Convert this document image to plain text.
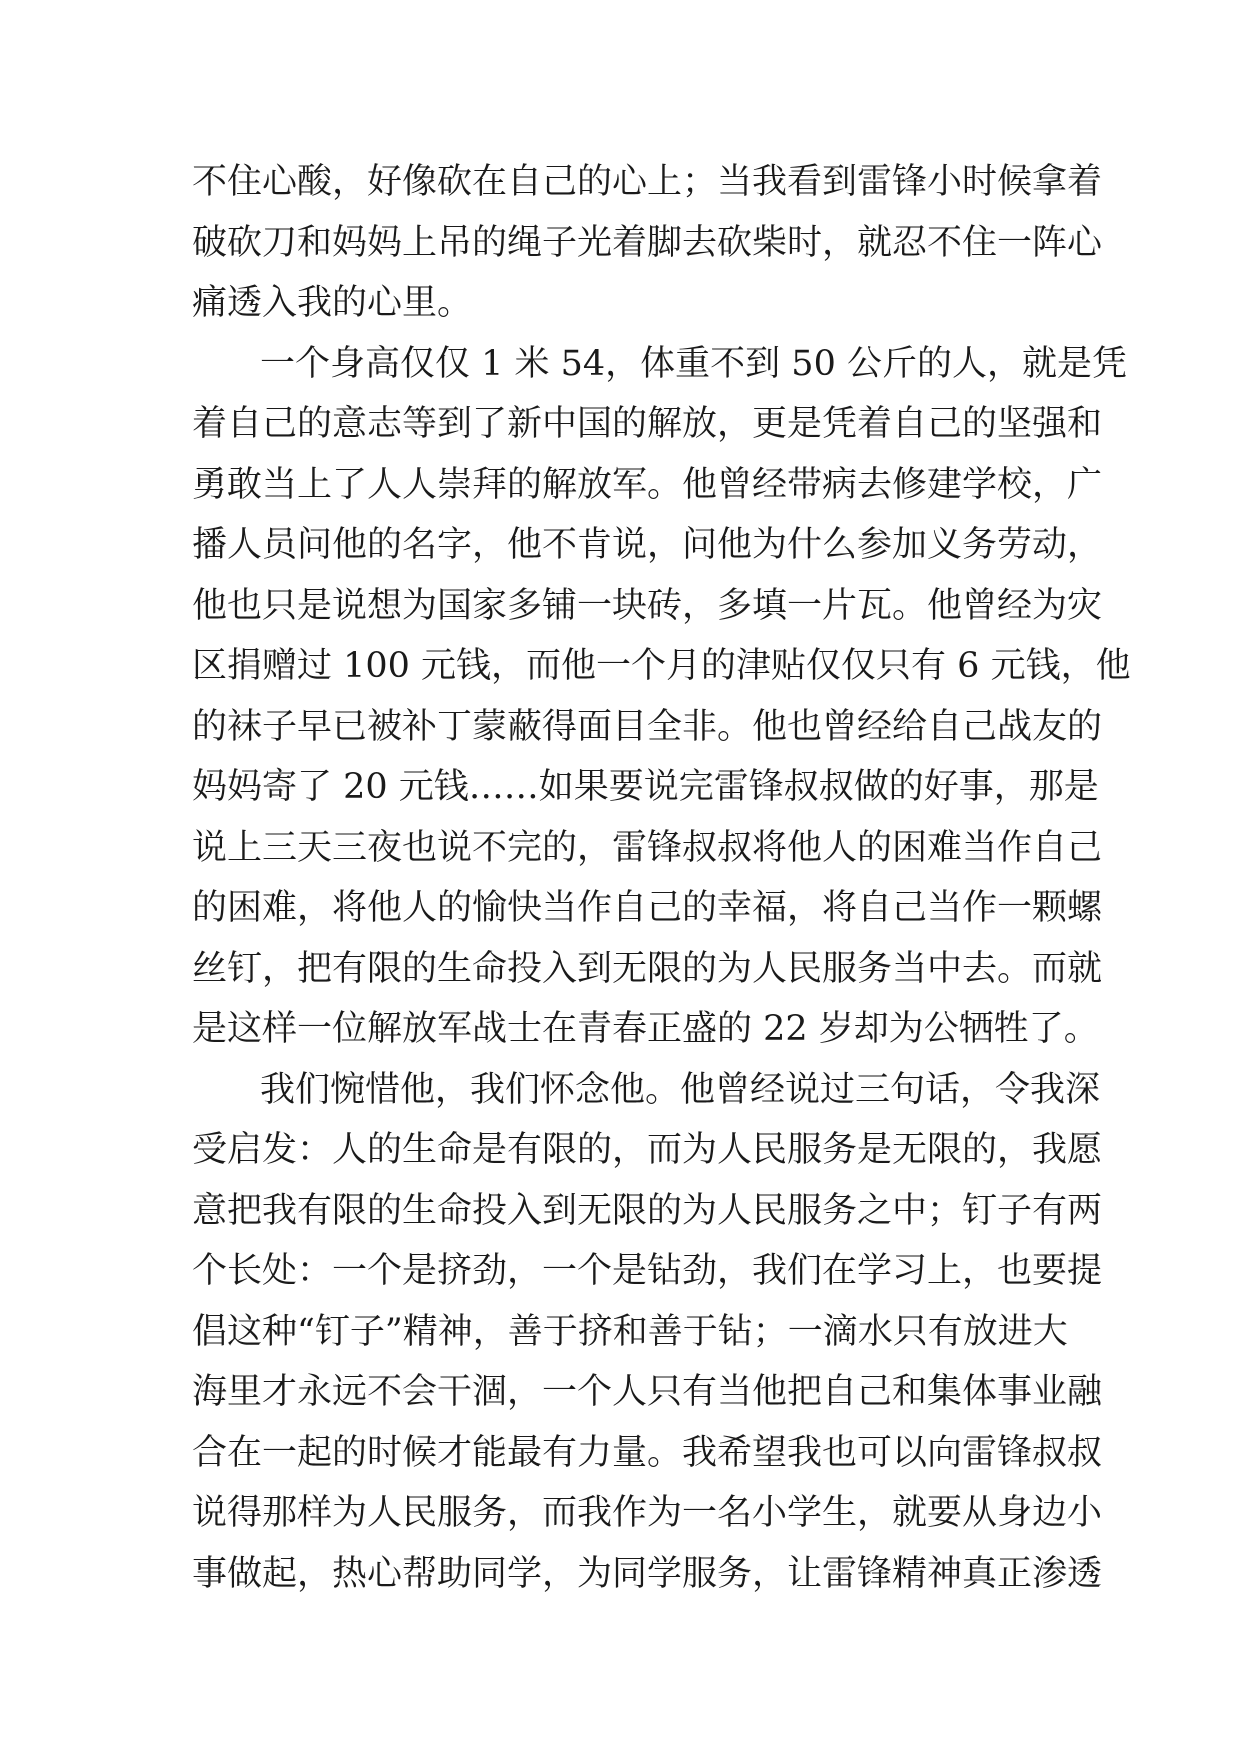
不住心酸，好像砍在自己的心上；当我看到雷锋小时候拿着
破砍刀和妈妈上吊的绳子光着脚去砍柴时，就忍不住一阵心
痛透入我的心里。
一个身高仅仅 1 米 54，体重不到 50 公斤的人，就是凭
着自己的意志等到了新中国的解放，更是凭着自己的坚强和
勇敢当上了人人崇拜的解放军。他曾经带病去修建学校，广
播人员问他的名字，他不肯说，问他为什么参加义务劳动，
他也只是说想为国家多铺一块砖，多填一片瓦。他曾经为灾
区捐赠过 100 元钱，而他一个月的津贴仅仅只有 6 元钱，他
的袜子早已被补丁蒙蔽得面目全非。他也曾经给自己战友的
妈妈寄了 20 元钱……如果要说完雷锋叔叔做的好事，那是
说上三天三夜也说不完的，雷锋叔叔将他人的困难当作自己
的困难，将他人的愉快当作自己的幸福，将自己当作一颗螺
丝钉，把有限的生命投入到无限的为人民服务当中去。而就
是这样一位解放军战士在青春正盛的 22 岁却为公牺牲了。
我们惋惜他，我们怀念他。他曾经说过三句话，令我深
受启发：人的生命是有限的，而为人民服务是无限的，我愿
意把我有限的生命投入到无限的为人民服务之中；钉子有两
个长处：一个是挤劲，一个是钻劲，我们在学习上，也要提
倡这种“钉子”精神，善于挤和善于钻；一滴水只有放进大
海里才永远不会干涸，一个人只有当他把自己和集体事业融
合在一起的时候才能最有力量。我希望我也可以向雷锋叔叔
说得那样为人民服务，而我作为一名小学生，就要从身边小
事做起，热心帮助同学，为同学服务，让雷锋精神真正渗透
